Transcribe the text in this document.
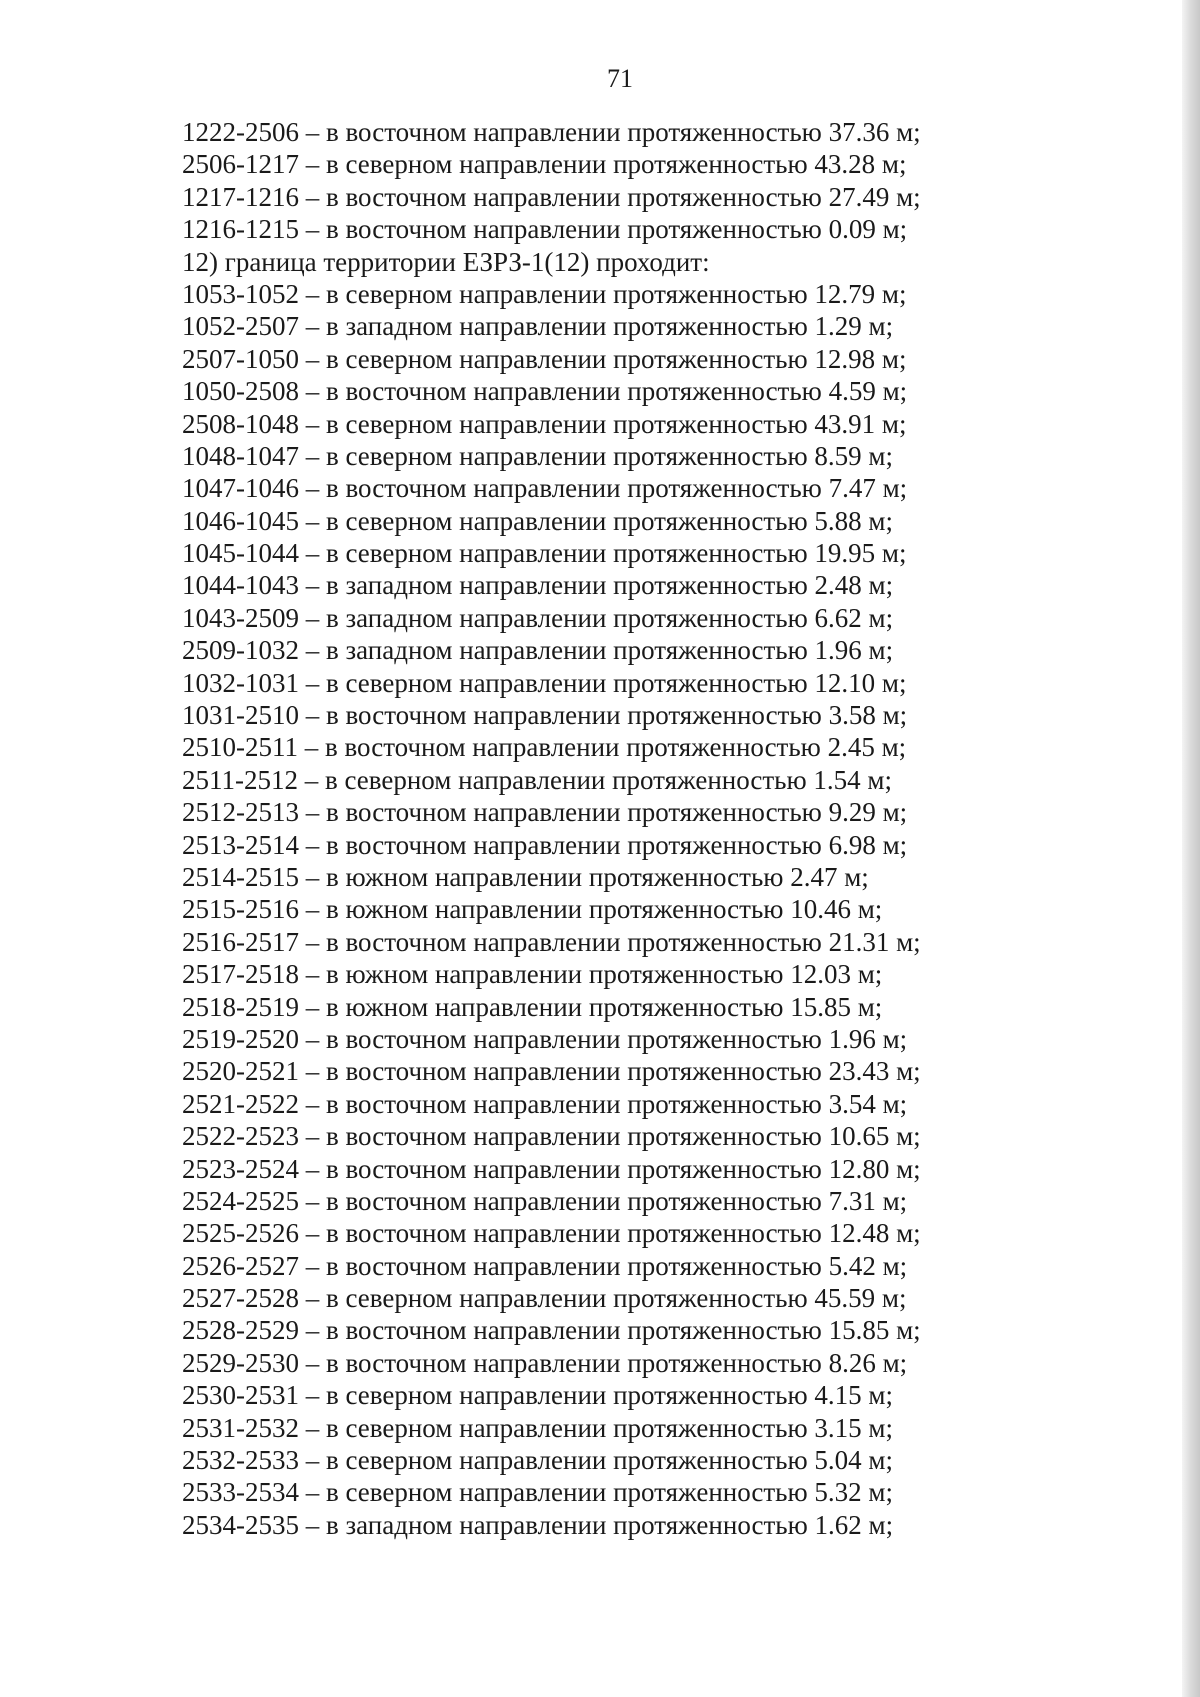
71
1222-2506 – в восточном направлении протяженностью 37.36 м;
2506-1217 – в северном направлении протяженностью 43.28 м;
1217-1216 – в восточном направлении протяженностью 27.49 м;
1216-1215 – в восточном направлении протяженностью 0.09 м;
12) граница территории ЕЗРЗ-1(12) проходит:
1053-1052 – в северном направлении протяженностью 12.79 м;
1052-2507 – в западном направлении протяженностью 1.29 м;
2507-1050 – в северном направлении протяженностью 12.98 м;
1050-2508 – в восточном направлении протяженностью 4.59 м;
2508-1048 – в северном направлении протяженностью 43.91 м;
1048-1047 – в северном направлении протяженностью 8.59 м;
1047-1046 – в восточном направлении протяженностью 7.47 м;
1046-1045 – в северном направлении протяженностью 5.88 м;
1045-1044 – в северном направлении протяженностью 19.95 м;
1044-1043 – в западном направлении протяженностью 2.48 м;
1043-2509 – в западном направлении протяженностью 6.62 м;
2509-1032 – в западном направлении протяженностью 1.96 м;
1032-1031 – в северном направлении протяженностью 12.10 м;
1031-2510 – в восточном направлении протяженностью 3.58 м;
2510-2511 – в восточном направлении протяженностью 2.45 м;
2511-2512 – в северном направлении протяженностью 1.54 м;
2512-2513 – в восточном направлении протяженностью 9.29 м;
2513-2514 – в восточном направлении протяженностью 6.98 м;
2514-2515 – в южном направлении протяженностью 2.47 м;
2515-2516 – в южном направлении протяженностью 10.46 м;
2516-2517 – в восточном направлении протяженностью 21.31 м;
2517-2518 – в южном направлении протяженностью 12.03 м;
2518-2519 – в южном направлении протяженностью 15.85 м;
2519-2520 – в восточном направлении протяженностью 1.96 м;
2520-2521 – в восточном направлении протяженностью 23.43 м;
2521-2522 – в восточном направлении протяженностью 3.54 м;
2522-2523 – в восточном направлении протяженностью 10.65 м;
2523-2524 – в восточном направлении протяженностью 12.80 м;
2524-2525 – в восточном направлении протяженностью 7.31 м;
2525-2526 – в восточном направлении протяженностью 12.48 м;
2526-2527 – в восточном направлении протяженностью 5.42 м;
2527-2528 – в северном направлении протяженностью 45.59 м;
2528-2529 – в восточном направлении протяженностью 15.85 м;
2529-2530 – в восточном направлении протяженностью 8.26 м;
2530-2531 – в северном направлении протяженностью 4.15 м;
2531-2532 – в северном направлении протяженностью 3.15 м;
2532-2533 – в северном направлении протяженностью 5.04 м;
2533-2534 – в северном направлении протяженностью 5.32 м;
2534-2535 – в западном направлении протяженностью 1.62 м;
